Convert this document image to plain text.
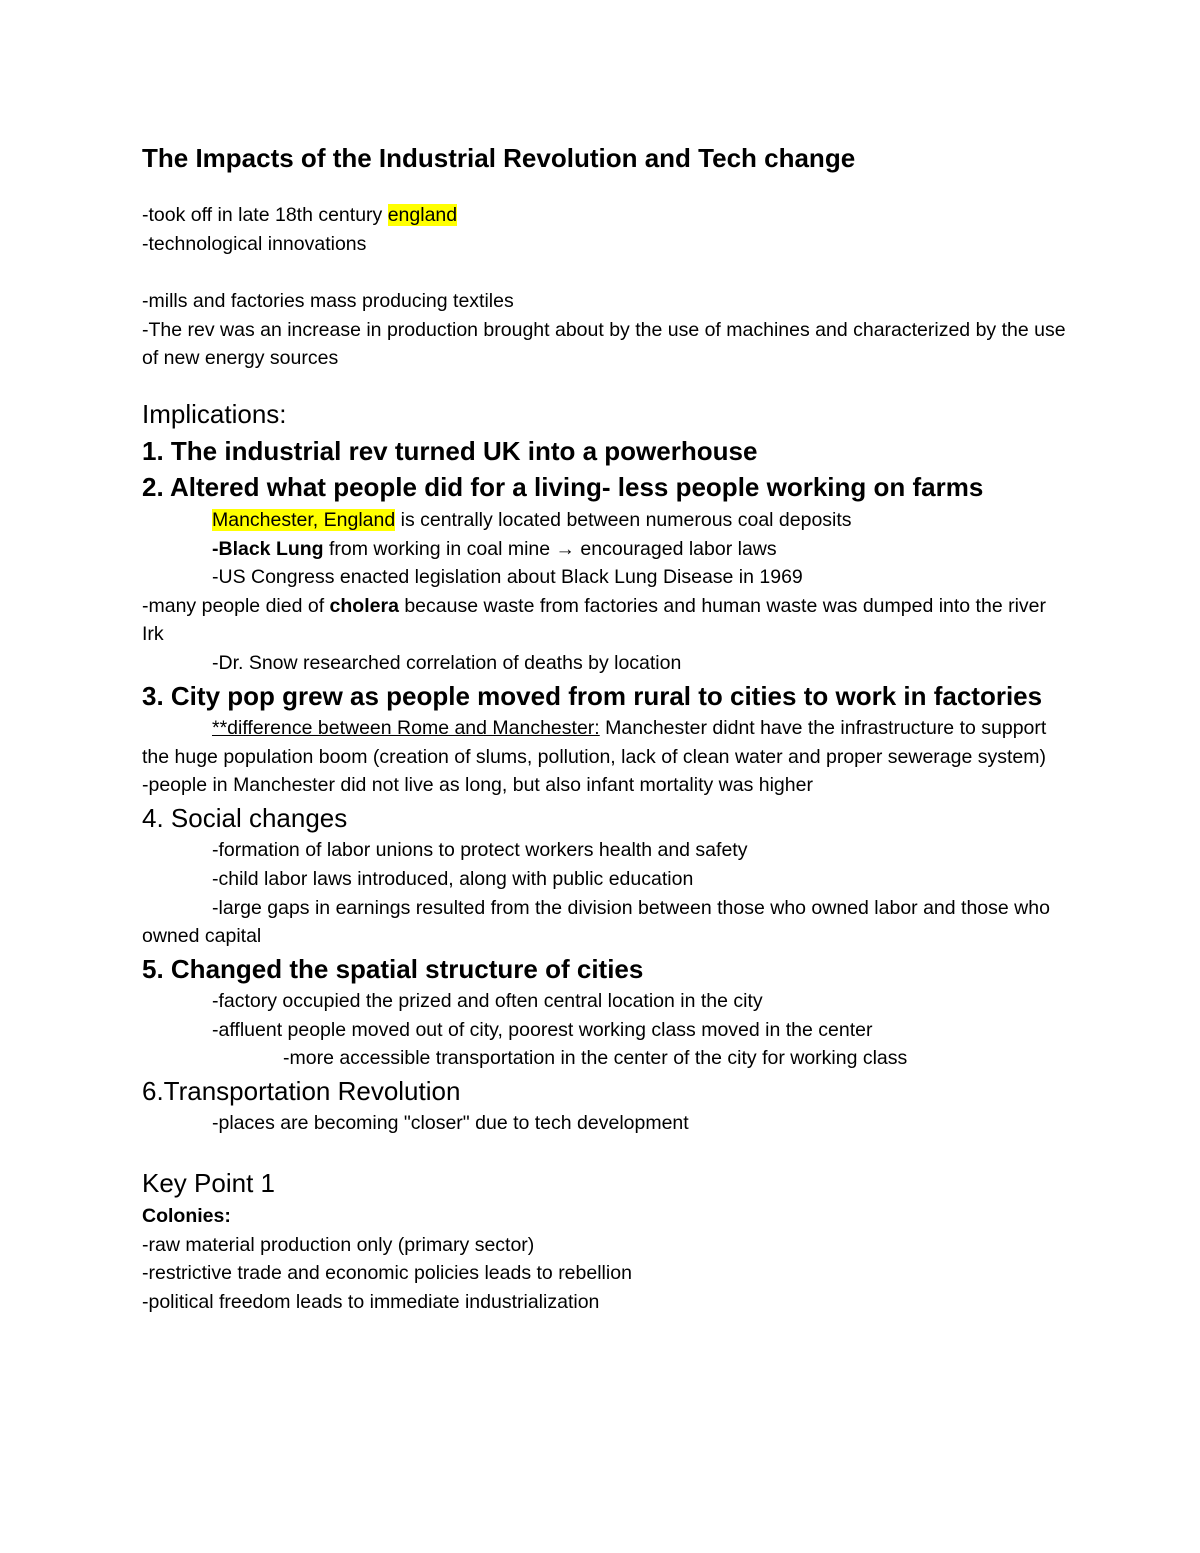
The Impacts of the Industrial Revolution and Tech change
-took off in late 18th century england
-technological innovations
-mills and factories mass producing textiles
-The rev was an increase in production brought about by the use of machines and characterized by the use of new energy sources
Implications:
1. The industrial rev turned UK into a powerhouse
2. Altered what people did for a living- less people working on farms
Manchester, England is centrally located between numerous coal deposits
-Black Lung from working in coal mine → encouraged labor laws
-US Congress enacted legislation about Black Lung Disease in 1969
-many people died of cholera because waste from factories and human waste was dumped into the river Irk
-Dr. Snow researched correlation of deaths by location
3. City pop grew as people moved from rural to cities to work in factories
**difference between Rome and Manchester: Manchester didnt have the infrastructure to support the huge population boom (creation of slums, pollution, lack of clean water and proper sewerage system)
-people in Manchester did not live as long, but also infant mortality was higher
4. Social changes
-formation of labor unions to protect workers health and safety
-child labor laws introduced, along with public education
-large gaps in earnings resulted from the division between those who owned labor and those who owned capital
5. Changed the spatial structure of cities
-factory occupied the prized and often central location in the city
-affluent people moved out of city, poorest working class moved in the center
-more accessible transportation in the center of the city for working class
6.Transportation Revolution
-places are becoming "closer" due to tech development
Key Point 1
Colonies:
-raw material production only (primary sector)
-restrictive trade and economic policies leads to rebellion
-political freedom leads to immediate industrialization
